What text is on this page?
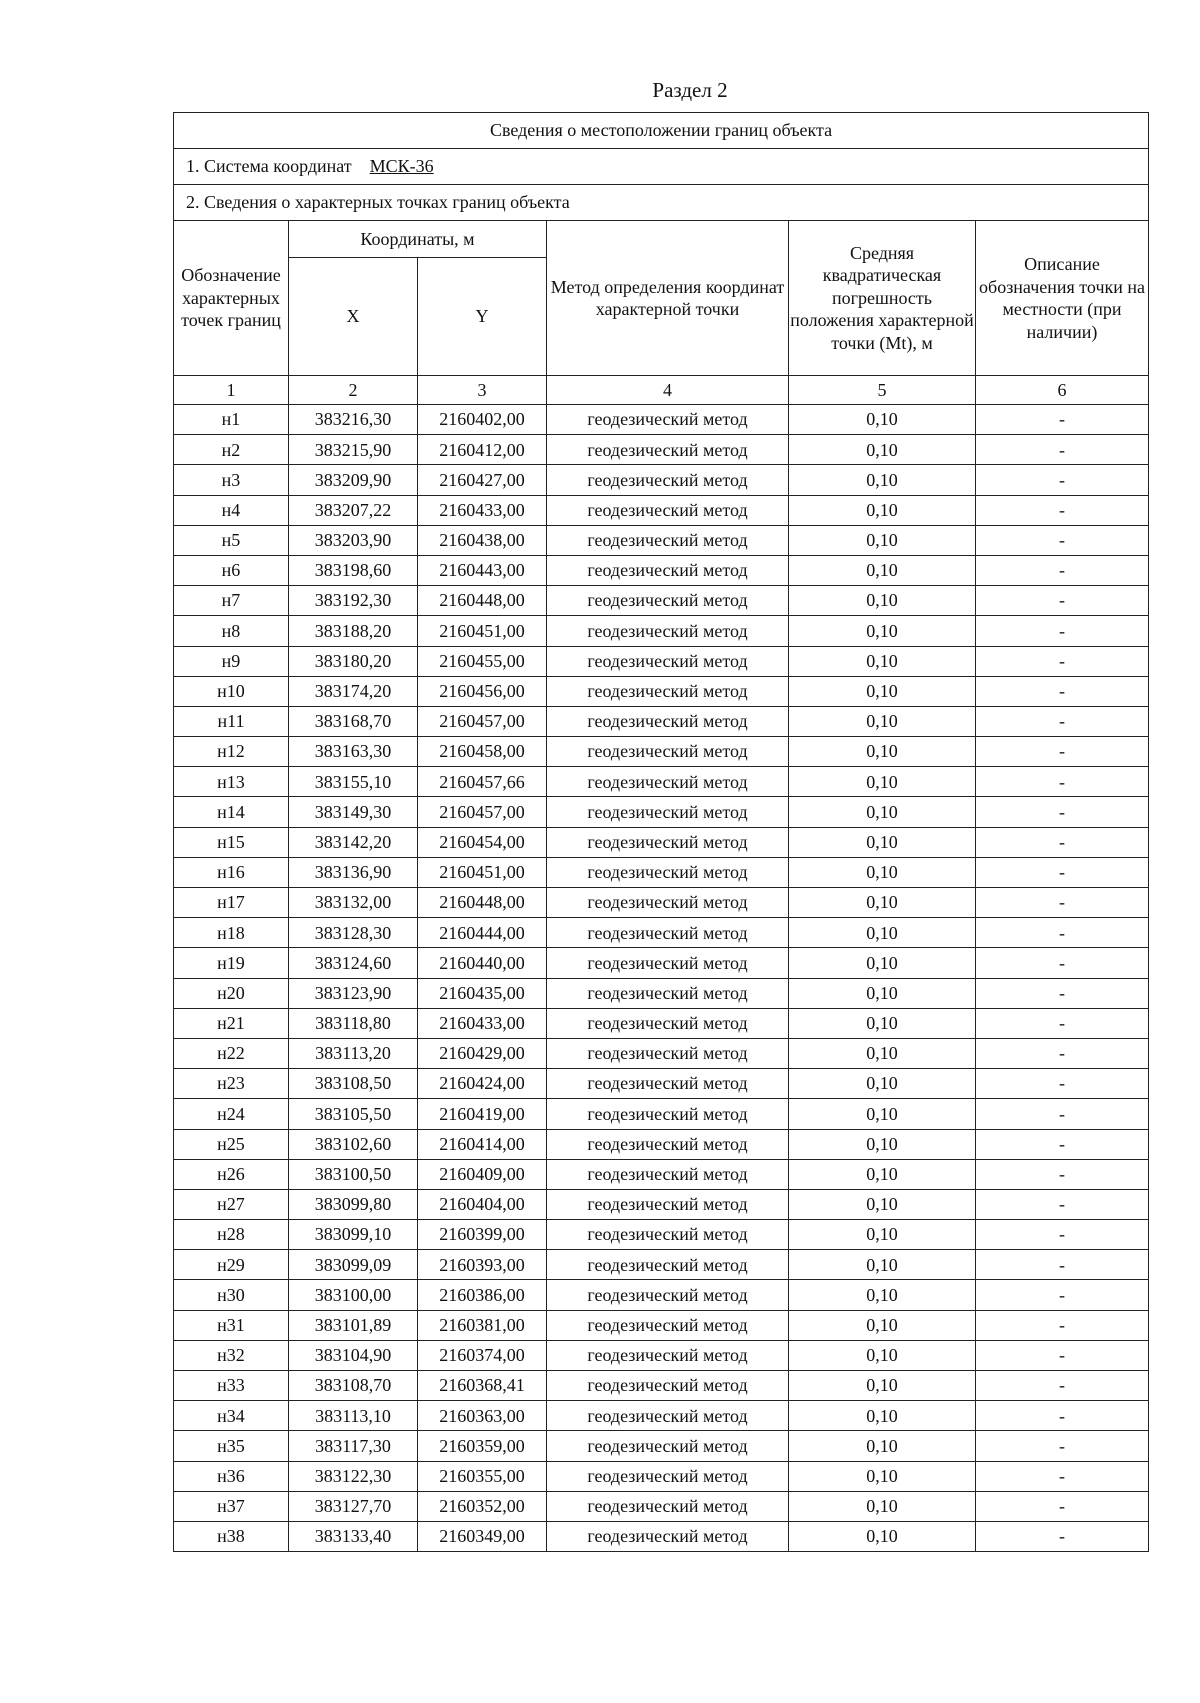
Раздел 2
Сведения о местоположении границ объекта					
1. Система координат МСК-36					
2. Сведения о характерных точках границ объекта					
Обозначение характерных точек границ	Координаты, м		Метод определения координат характерной точки	Средняя квадратическая погрешность положения характерной точки (Mt), м	Описание обозначения точки на местности (при наличии)
	X	Y			
1	2	3	4	5	6
н1	383216,30	2160402,00	геодезический метод	0,10	-
н2	383215,90	2160412,00	геодезический метод	0,10	-
н3	383209,90	2160427,00	геодезический метод	0,10	-
н4	383207,22	2160433,00	геодезический метод	0,10	-
н5	383203,90	2160438,00	геодезический метод	0,10	-
н6	383198,60	2160443,00	геодезический метод	0,10	-
н7	383192,30	2160448,00	геодезический метод	0,10	-
н8	383188,20	2160451,00	геодезический метод	0,10	-
н9	383180,20	2160455,00	геодезический метод	0,10	-
н10	383174,20	2160456,00	геодезический метод	0,10	-
н11	383168,70	2160457,00	геодезический метод	0,10	-
н12	383163,30	2160458,00	геодезический метод	0,10	-
н13	383155,10	2160457,66	геодезический метод	0,10	-
н14	383149,30	2160457,00	геодезический метод	0,10	-
н15	383142,20	2160454,00	геодезический метод	0,10	-
н16	383136,90	2160451,00	геодезический метод	0,10	-
н17	383132,00	2160448,00	геодезический метод	0,10	-
н18	383128,30	2160444,00	геодезический метод	0,10	-
н19	383124,60	2160440,00	геодезический метод	0,10	-
н20	383123,90	2160435,00	геодезический метод	0,10	-
н21	383118,80	2160433,00	геодезический метод	0,10	-
н22	383113,20	2160429,00	геодезический метод	0,10	-
н23	383108,50	2160424,00	геодезический метод	0,10	-
н24	383105,50	2160419,00	геодезический метод	0,10	-
н25	383102,60	2160414,00	геодезический метод	0,10	-
н26	383100,50	2160409,00	геодезический метод	0,10	-
н27	383099,80	2160404,00	геодезический метод	0,10	-
н28	383099,10	2160399,00	геодезический метод	0,10	-
н29	383099,09	2160393,00	геодезический метод	0,10	-
н30	383100,00	2160386,00	геодезический метод	0,10	-
н31	383101,89	2160381,00	геодезический метод	0,10	-
н32	383104,90	2160374,00	геодезический метод	0,10	-
н33	383108,70	2160368,41	геодезический метод	0,10	-
н34	383113,10	2160363,00	геодезический метод	0,10	-
н35	383117,30	2160359,00	геодезический метод	0,10	-
н36	383122,30	2160355,00	геодезический метод	0,10	-
н37	383127,70	2160352,00	геодезический метод	0,10	-
н38	383133,40	2160349,00	геодезический метод	0,10	-
